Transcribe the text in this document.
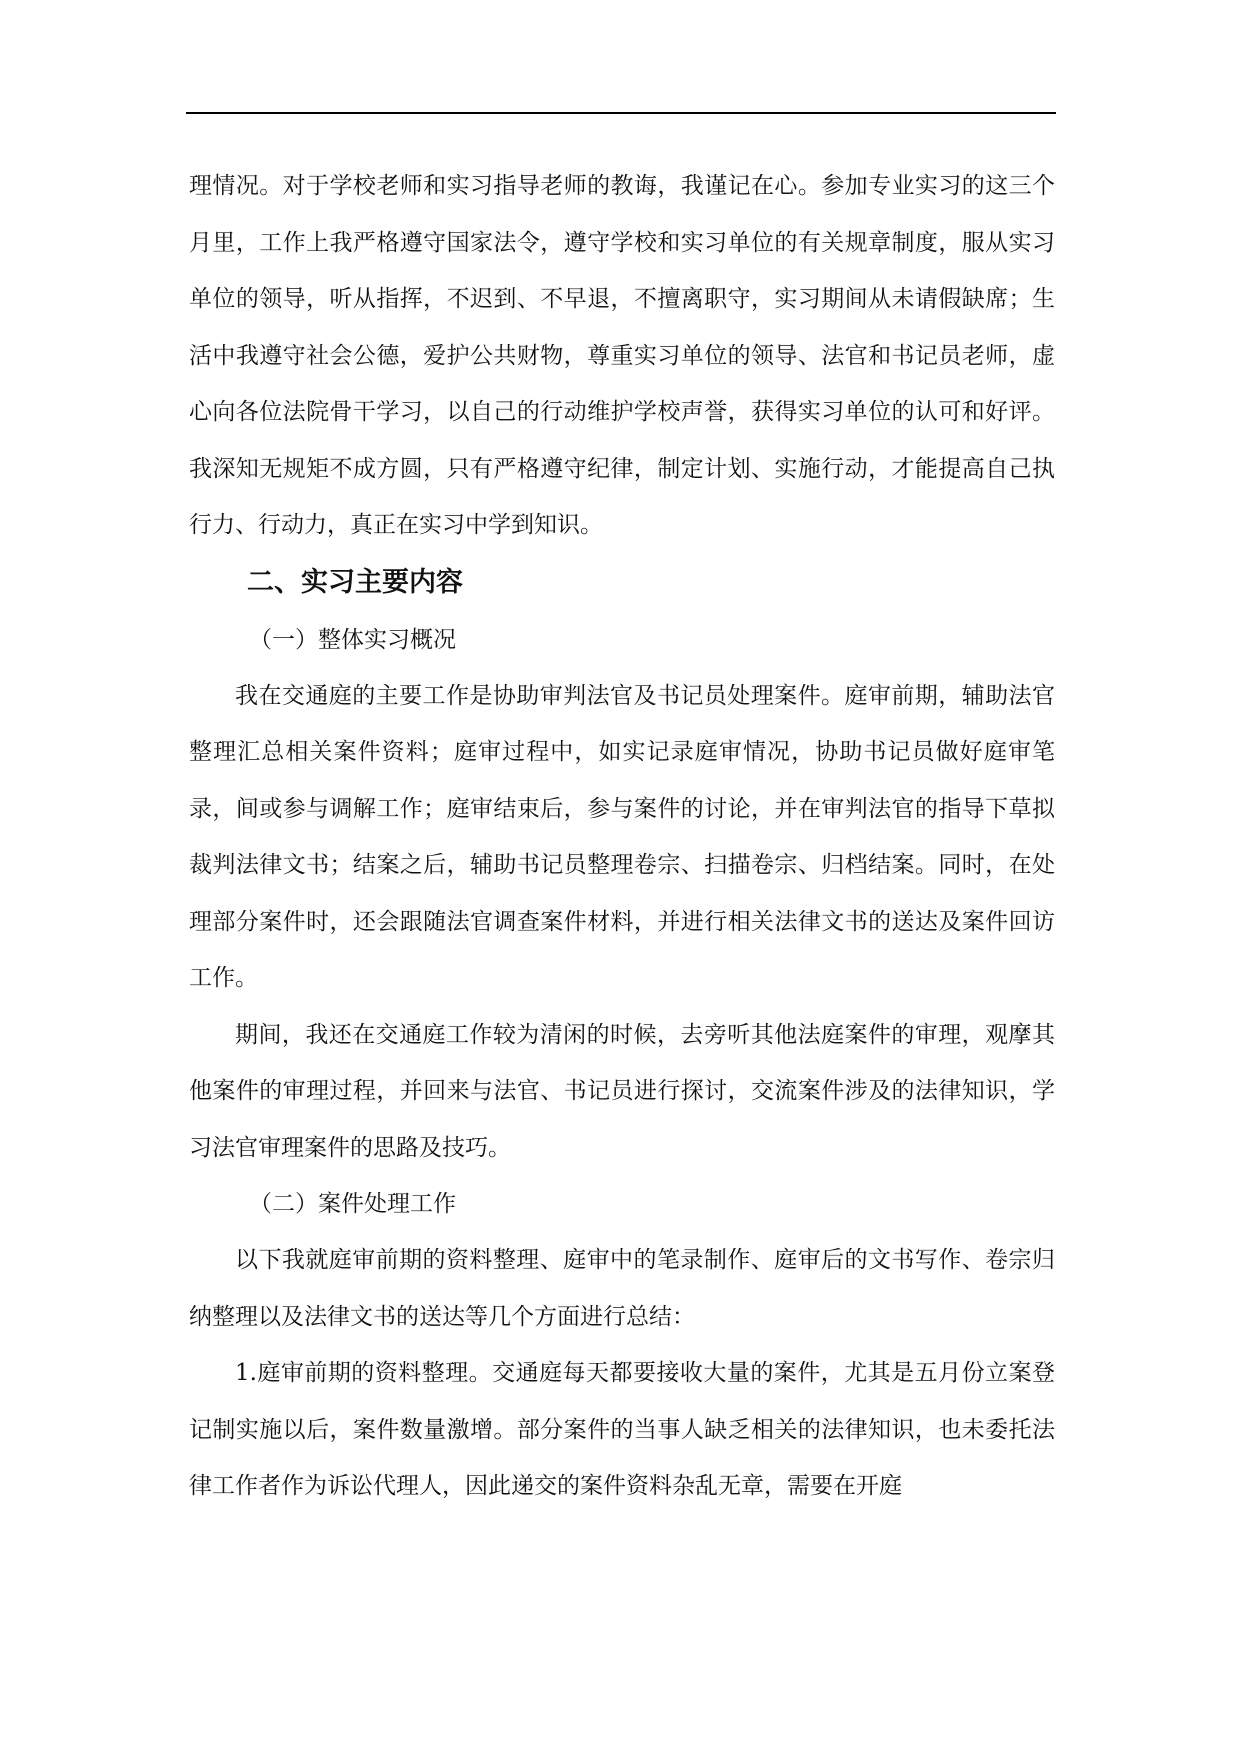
理情况。对于学校老师和实习指导老师的教诲，我谨记在心。参加专业实习的这三个月里，工作上我严格遵守国家法令，遵守学校和实习单位的有关规章制度，服从实习单位的领导，听从指挥，不迟到、不早退，不擅离职守，实习期间从未请假缺席；生活中我遵守社会公德，爱护公共财物，尊重实习单位的领导、法官和书记员老师，虚心向各位法院骨干学习，以自己的行动维护学校声誉，获得实习单位的认可和好评。我深知无规矩不成方圆，只有严格遵守纪律，制定计划、实施行动，才能提高自己执行力、行动力，真正在实习中学到知识。

二、实习主要内容

（一）整体实习概况

我在交通庭的主要工作是协助审判法官及书记员处理案件。庭审前期，辅助法官整理汇总相关案件资料；庭审过程中，如实记录庭审情况，协助书记员做好庭审笔录，间或参与调解工作；庭审结束后，参与案件的讨论，并在审判法官的指导下草拟裁判法律文书；结案之后，辅助书记员整理卷宗、扫描卷宗、归档结案。同时，在处理部分案件时，还会跟随法官调查案件材料，并进行相关法律文书的送达及案件回访工作。

期间，我还在交通庭工作较为清闲的时候，去旁听其他法庭案件的审理，观摩其他案件的审理过程，并回来与法官、书记员进行探讨，交流案件涉及的法律知识，学习法官审理案件的思路及技巧。

（二）案件处理工作

以下我就庭审前期的资料整理、庭审中的笔录制作、庭审后的文书写作、卷宗归纳整理以及法律文书的送达等几个方面进行总结：

1.庭审前期的资料整理。交通庭每天都要接收大量的案件，尤其是五月份立案登记制实施以后，案件数量激增。部分案件的当事人缺乏相关的法律知识，也未委托法律工作者作为诉讼代理人，因此递交的案件资料杂乱无章，需要在开庭
